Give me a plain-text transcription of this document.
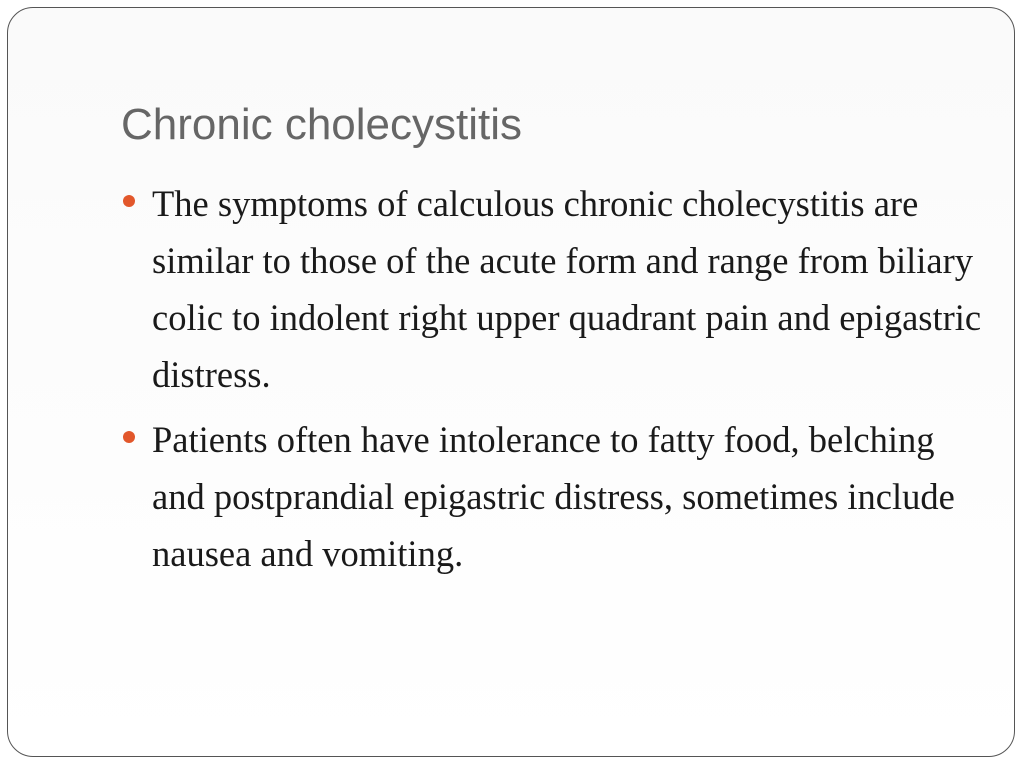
Chronic cholecystitis
The symptoms of calculous chronic cholecystitis are similar to those of the acute form and range from biliary colic to indolent right upper quadrant pain and epigastric distress.
Patients often have intolerance to fatty food, belching and postprandial epigastric distress, sometimes include nausea and vomiting.
